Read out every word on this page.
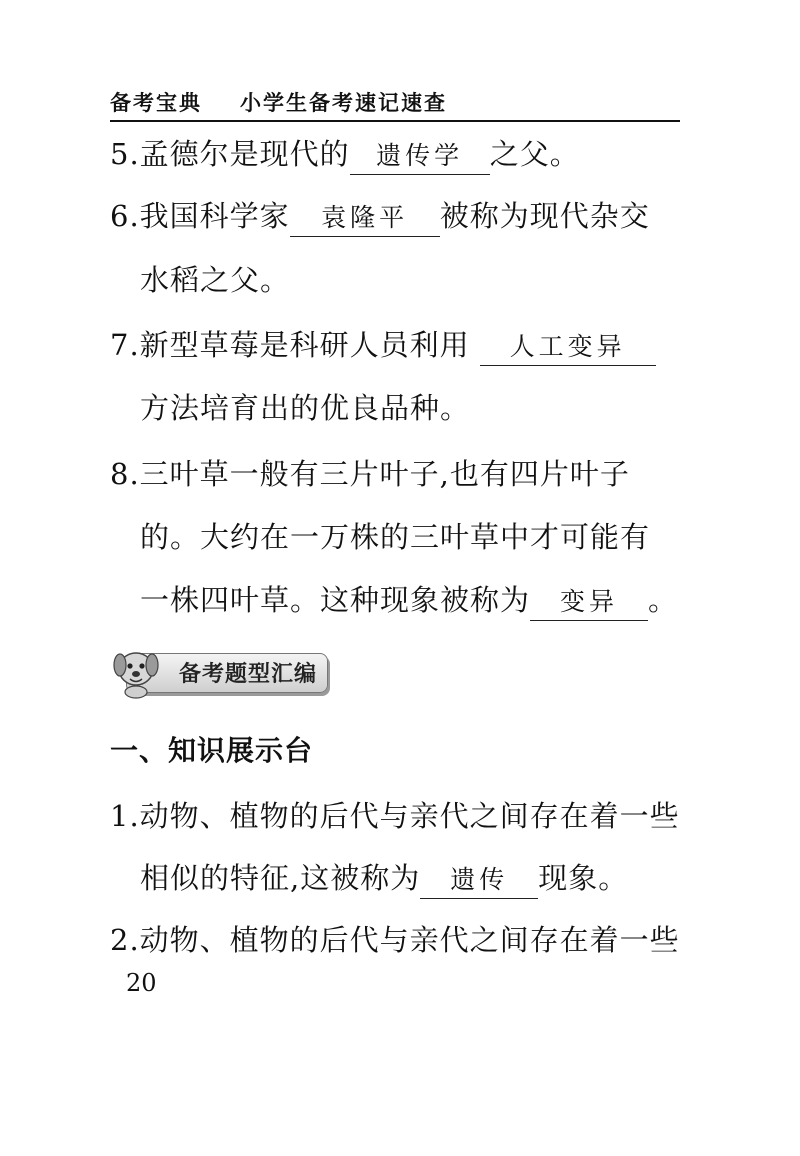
备考宝典 小学生备考速记速查
5.孟德尔是现代的 遗传学 之父。
6.我国科学家 袁隆平 被称为现代杂交
水稻之父。
7.新型草莓是科研人员利用 人工变异
方法培育出的优良品种。
8.三叶草一般有三片叶子,也有四片叶子
的。大约在一万株的三叶草中才可能有
一株四叶草。这种现象被称为 变异 。
备考题型汇编
一、知识展示台
1.动物、植物的后代与亲代之间存在着一些
相似的特征,这被称为 遗传 现象。
2.动物、植物的后代与亲代之间存在着一些
20
